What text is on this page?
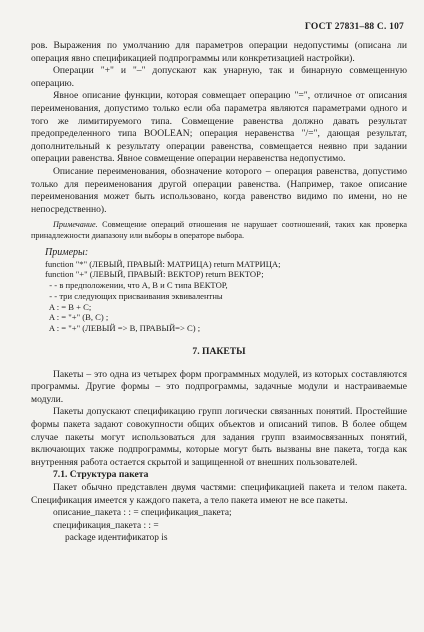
ГОСТ 27831–88 С. 107

ров. Выражения по умолчанию для параметров операции недопустимы (описана ли операция явно спецификацией подпрограммы или конкретизацией настройки).

Операции "+" и "–" допускают как унарную, так и бинарную совмещенную операцию.

Явное описание функции, которая совмещает операцию "=", отличное от описания переименования, допустимо только если оба параметра являются параметрами одного и того же лимитируемого типа. Совмещение равенства должно давать результат предопределенного типа BOOLEAN; операция неравенства "/=", дающая результат, дополнительный к результату операции равенства, совмещается неявно при задании операции равенства. Явное совмещение операции неравенства недопустимо.

Описание переименования, обозначение которого – операция равенства, допустимо только для переименования другой операции равенства. (Например, такое описание переименования может быть использовано, когда равенство видимо по имени, но не непосредственно).

Примечание. Совмещение операций отношения не нарушает соотношений, таких как проверка принадлежности диапазону или выборы в операторе выбора.

Примеры:
function "*" (ЛЕВЫЙ, ПРАВЫЙ: МАТРИЦА) return МАТРИЦА;
function "+" (ЛЕВЫЙ, ПРАВЫЙ: ВЕКТОР) return ВЕКТОР;
- - в предположении, что А, В и С типа ВЕКТОР,
- - три следующих присваивания эквивалентны
A : = B + C;
A : = "+" (B, C) ;
A : = "+" (ЛЕВЫЙ => B, ПРАВЫЙ=> C) ;
7. ПАКЕТЫ

Пакеты – это одна из четырех форм программных модулей, из которых составляются программы. Другие формы – это подпрограммы, задачные модули и настраиваемые модули.

Пакеты допускают спецификацию групп логически связанных понятий. Простейшие формы пакета задают совокупности общих объектов и описаний типов. В более общем случае пакеты могут использоваться для задания групп взаимосвязанных понятий, включающих также подпрограммы, которые могут быть вызваны вне пакета, тогда как внутренняя работа остается скрытой и защищенной от внешних пользователей.

7.1. Структура пакета

Пакет обычно представлен двумя частями: спецификацией пакета и телом пакета. Спецификация имеется у каждого пакета, а тело пакета имеют не все пакеты.

описание_пакета : : = спецификация_пакета;
спецификация_пакета : : =
package идентификатор is
